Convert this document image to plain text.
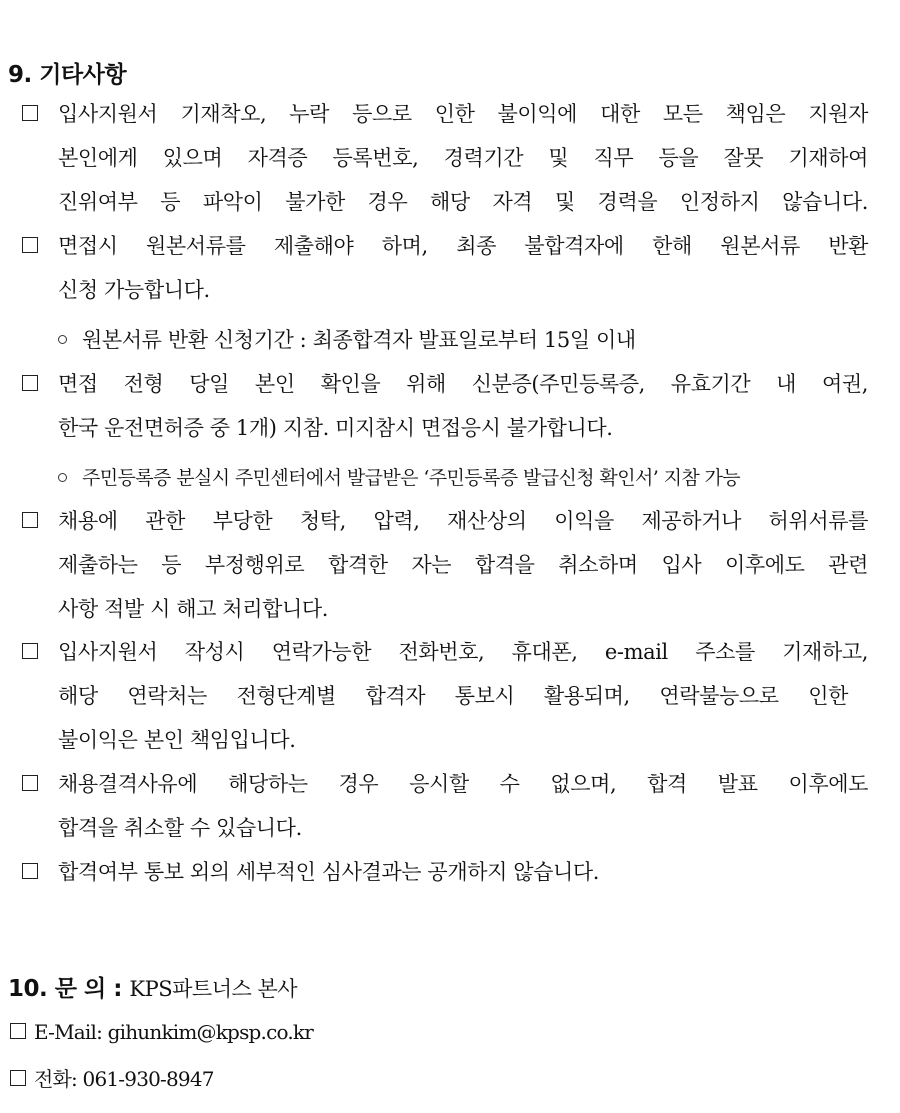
9. 기타사항
입사지원서 기재착오, 누락 등으로 인한 불이익에 대한 모든 책임은 지원자
본인에게 있으며 자격증 등록번호, 경력기간 및 직무 등을 잘못 기재하여
진위여부 등 파악이 불가한 경우 해당 자격 및 경력을 인정하지 않습니다.
면접시 원본서류를 제출해야 하며, 최종 불합격자에 한해 원본서류 반환
신청 가능합니다.
원본서류 반환 신청기간 : 최종합격자 발표일로부터 15일 이내
면접 전형 당일 본인 확인을 위해 신분증(주민등록증, 유효기간 내 여권,
한국 운전면허증 중 1개) 지참. 미지참시 면접응시 불가합니다.
주민등록증 분실시 주민센터에서 발급받은 ‘주민등록증 발급신청 확인서’ 지참 가능
채용에 관한 부당한 청탁, 압력, 재산상의 이익을 제공하거나 허위서류를
제출하는 등 부정행위로 합격한 자는 합격을 취소하며 입사 이후에도 관련
사항 적발 시 해고 처리합니다.
입사지원서 작성시 연락가능한 전화번호, 휴대폰, e-mail 주소를 기재하고,
해당 연락처는 전형단계별 합격자 통보시 활용되며, 연락불능으로 인한
불이익은 본인 책임입니다.
채용결격사유에 해당하는 경우 응시할 수 없으며, 합격 발표 이후에도
합격을 취소할 수 있습니다.
합격여부 통보 외의 세부적인 심사결과는 공개하지 않습니다.
10. 문 의 : KPS파트너스 본사
E-Mail: gihunkim@kpsp.co.kr
전화: 061-930-8947
